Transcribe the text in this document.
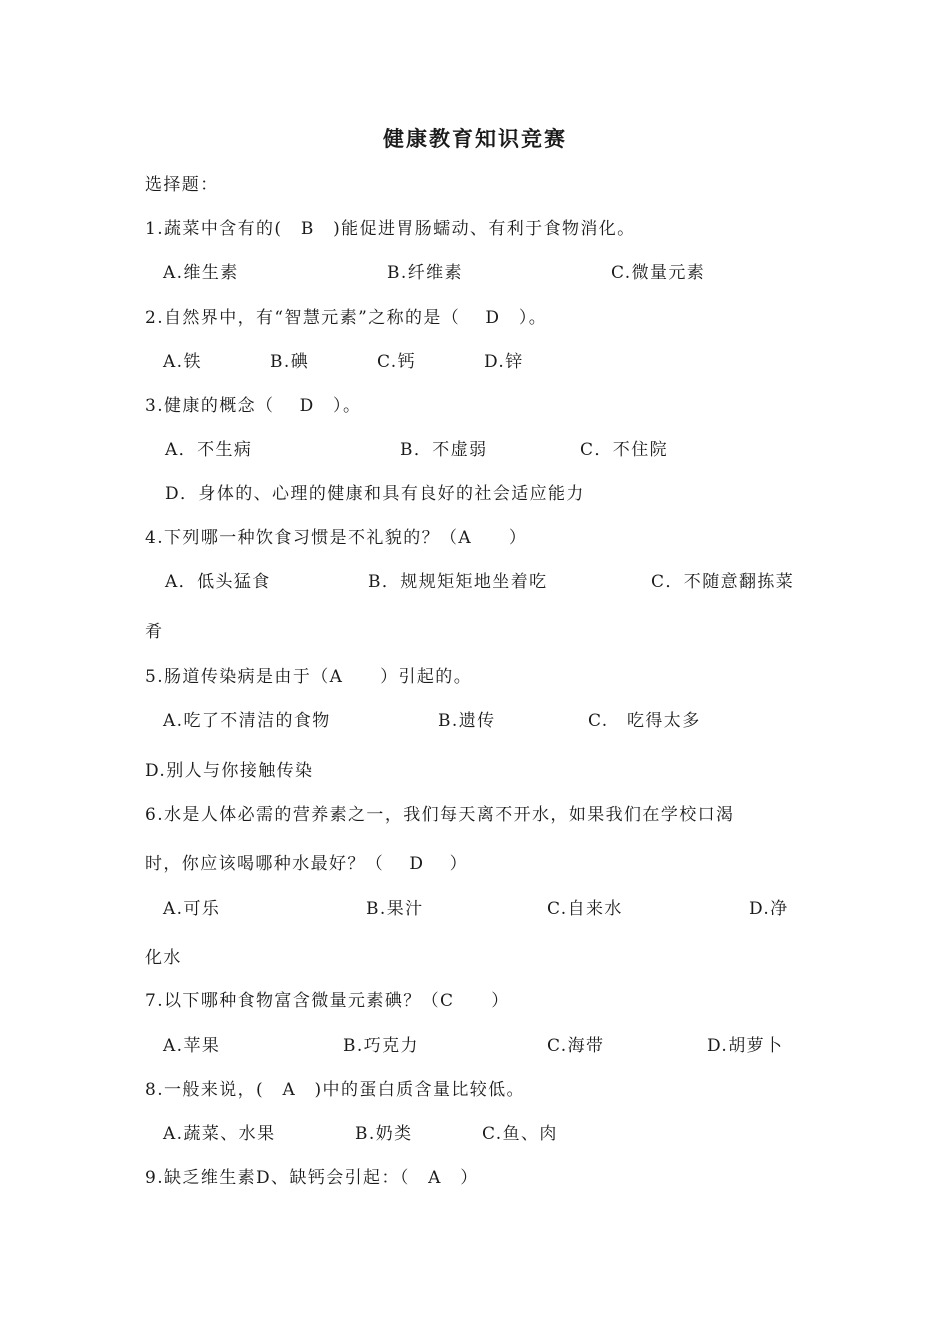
健康教育知识竞赛

选择题：

1.蔬菜中含有的(　B　)能促进胃肠蠕动、有利于食物消化。

A.维生素	B.纤维素	C.微量元素

2.自然界中，有“智慧元素”之称的是（　 D　）。

A.铁	B.碘	C.钙	D.锌

3.健康的概念（　 D　）。

A．不生病	B．不虚弱	C．不住院

D．身体的、心理的健康和具有良好的社会适应能力

4.下列哪一种饮食习惯是不礼貌的？（A　　）

A．低头猛食	B．规规矩矩地坐着吃	C．不随意翻拣菜

肴

5.肠道传染病是由于（A　　）引起的。

A.吃了不清洁的食物	B.遗传	C.　吃得太多

D.别人与你接触传染

6.水是人体必需的营养素之一，我们每天离不开水，如果我们在学校口渴

时，你应该喝哪种水最好？（　 D　 ）

A.可乐	B.果汁	C.自来水	D.净

化水

7.以下哪种食物富含微量元素碘？（C　　）

A.苹果	B.巧克力	C.海带	D.胡萝卜

8.一般来说，(　A　)中的蛋白质含量比较低。

A.蔬菜、水果	B.奶类	C.鱼、肉

9.缺乏维生素D、缺钙会引起：（　A　）
